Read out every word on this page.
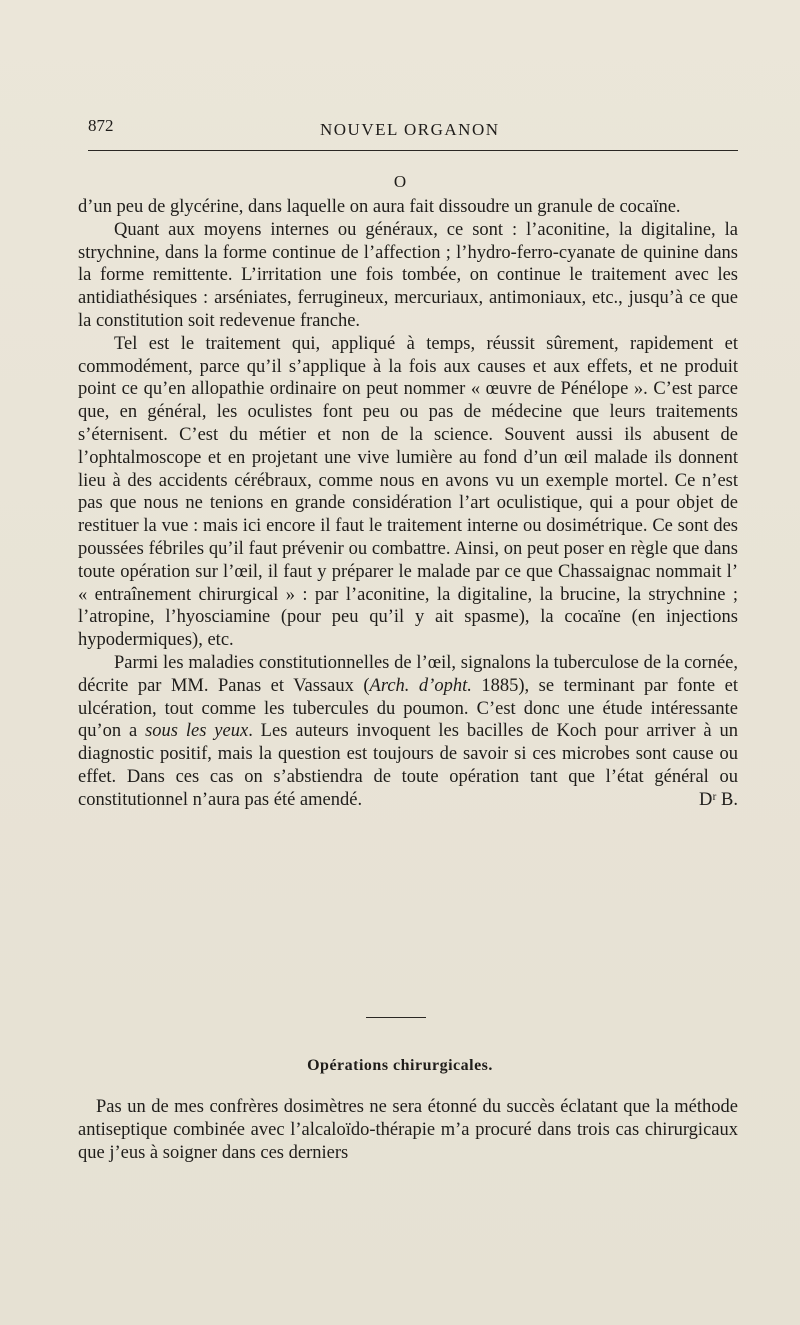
872	NOUVEL ORGANON
O

d’un peu de glycérine, dans laquelle on aura fait dissoudre un granule de cocaïne.

Quant aux moyens internes ou généraux, ce sont : l’aconitine, la digitaline, la strychnine, dans la forme continue de l’affection ; l’hydro-ferro-cyanate de quinine dans la forme remittente. L’irritation une fois tombée, on continue le traitement avec les antidiathésiques : arséniates, ferrugineux, mercuriaux, antimoniaux, etc., jusqu’à ce que la constitution soit redevenue franche.

Tel est le traitement qui, appliqué à temps, réussit sûrement, rapidement et commodément, parce qu’il s’applique à la fois aux causes et aux effets, et ne produit point ce qu’en allopathie ordinaire on peut nommer « œuvre de Pénélope ». C’est parce que, en général, les oculistes font peu ou pas de médecine que leurs traitements s’éternisent. C’est du métier et non de la science. Souvent aussi ils abusent de l’ophtalmoscope et en projetant une vive lumière au fond d’un œil malade ils donnent lieu à des accidents cérébraux, comme nous en avons vu un exemple mortel. Ce n’est pas que nous ne tenions en grande considération l’art oculistique, qui a pour objet de restituer la vue : mais ici encore il faut le traitement interne ou dosimétrique. Ce sont des poussées fébriles qu’il faut prévenir ou combattre. Ainsi, on peut poser en règle que dans toute opération sur l’œil, il faut y préparer le malade par ce que Chassaignac nommait l’ « entraînement chirurgical » : par l’aconitine, la digitaline, la brucine, la strychnine ; l’atropine, l’hyosciamine (pour peu qu’il y ait spasme), la cocaïne (en injections hypodermiques), etc.

Parmi les maladies constitutionnelles de l’œil, signalons la tuberculose de la cornée, décrite par MM. Panas et Vassaux (Arch. d’opht. 1885), se terminant par fonte et ulcération, tout comme les tubercules du poumon. C’est donc une étude intéressante qu’on a sous les yeux. Les auteurs invoquent les bacilles de Koch pour arriver à un diagnostic positif, mais la question est toujours de savoir si ces microbes sont cause ou effet. Dans ces cas on s’abstiendra de toute opération tant que l’état général ou constitutionnel n’aura pas été amendé.	Dʳ B.

Opérations chirurgicales.

Pas un de mes confrères dosimètres ne sera étonné du succès éclatant que la méthode antiseptique combinée avec l’alcaloïdo-thérapie m’a procuré dans trois cas chirurgicaux que j’eus à soigner dans ces derniers
